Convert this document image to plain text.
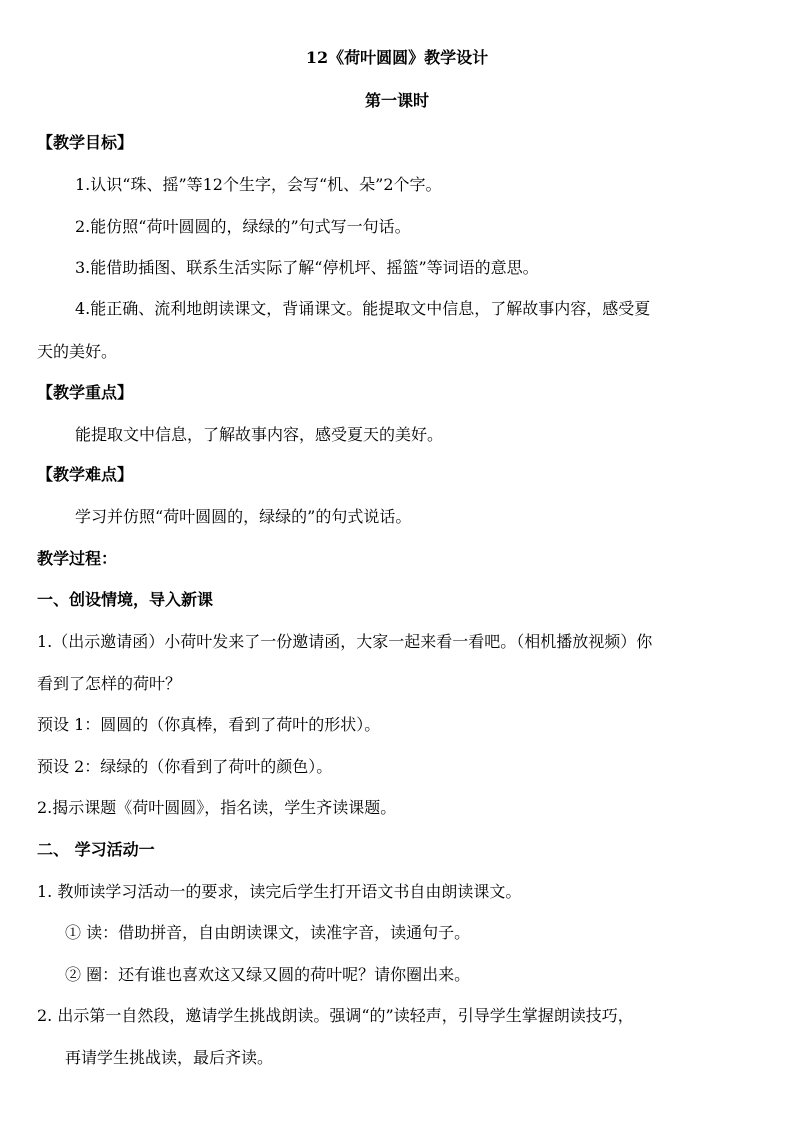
12《荷叶圆圆》教学设计
第一课时
【教学目标】
1.认识“珠、摇”等12个生字，会写“机、朵”2个字。
2.能仿照“荷叶圆圆的，绿绿的”句式写一句话。
3.能借助插图、联系生活实际了解“停机坪、摇篮”等词语的意思。
4.能正确、流利地朗读课文，背诵课文。能提取文中信息，了解故事内容，感受夏
天的美好。
【教学重点】
能提取文中信息，了解故事内容，感受夏天的美好。
【教学难点】
学习并仿照“荷叶圆圆的，绿绿的”的句式说话。
教学过程：
一、创设情境，导入新课
1.（出示邀请函）小荷叶发来了一份邀请函，大家一起来看一看吧。（相机播放视频）你
看到了怎样的荷叶？
预设 1：圆圆的（你真棒，看到了荷叶的形状）。
预设 2：绿绿的（你看到了荷叶的颜色）。
2.揭示课题《荷叶圆圆》，指名读，学生齐读课题。
二、 学习活动一
1. 教师读学习活动一的要求，读完后学生打开语文书自由朗读课文。
① 读：借助拼音，自由朗读课文，读准字音，读通句子。
② 圈：还有谁也喜欢这又绿又圆的荷叶呢？请你圈出来。
2. 出示第一自然段，邀请学生挑战朗读。强调“的”读轻声，引导学生掌握朗读技巧，
再请学生挑战读，最后齐读。
